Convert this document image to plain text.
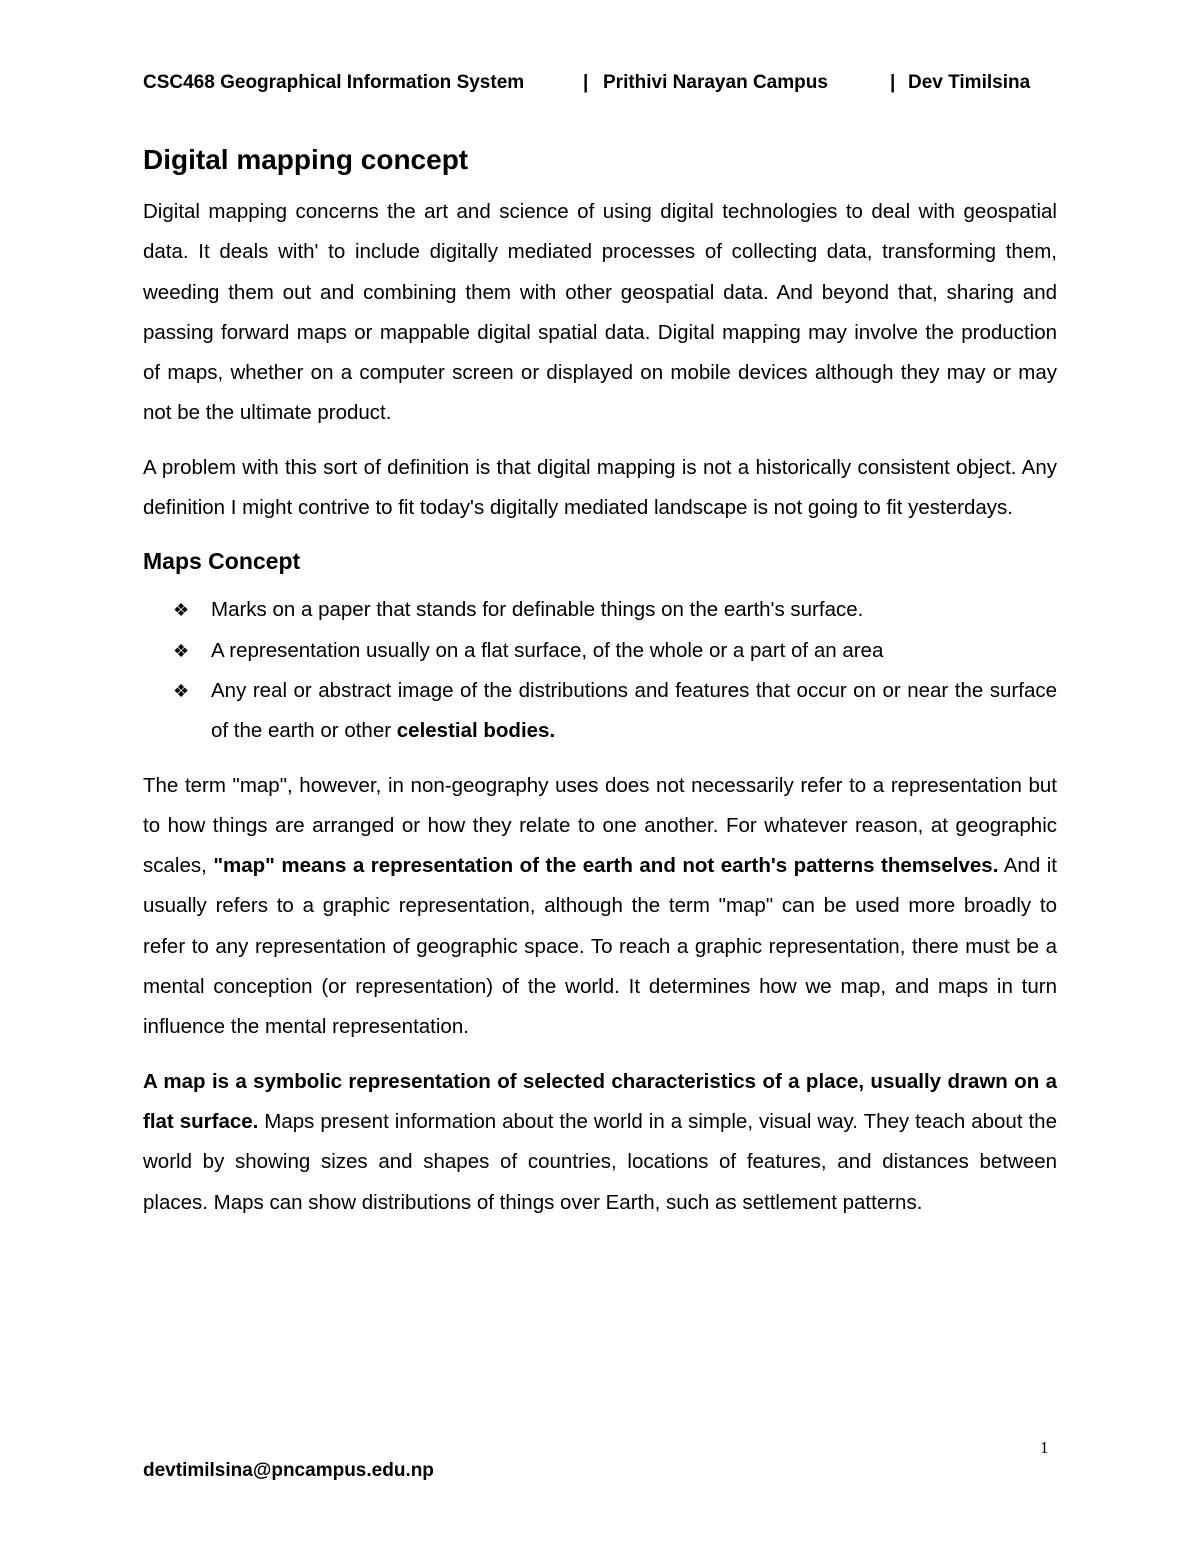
CSC468 Geographical Information System	| Prithivi Narayan Campus	| Dev Timilsina
Digital mapping concept

Digital mapping concerns the art and science of using digital technologies to deal with geospatial data. It deals with' to include digitally mediated processes of collecting data, transforming them, weeding them out and combining them with other geospatial data. And beyond that, sharing and passing forward maps or mappable digital spatial data. Digital mapping may involve the production of maps, whether on a computer screen or displayed on mobile devices although they may or may not be the ultimate product.

A problem with this sort of definition is that digital mapping is not a historically consistent object. Any definition I might contrive to fit today's digitally mediated landscape is not going to fit yesterdays.

Maps Concept
❖ Marks on a paper that stands for definable things on the earth's surface.
❖ A representation usually on a flat surface, of the whole or a part of an area
❖ Any real or abstract image of the distributions and features that occur on or near the surface of the earth or other celestial bodies.

The term "map", however, in non-geography uses does not necessarily refer to a representation but to how things are arranged or how they relate to one another. For whatever reason, at geographic scales, "map" means a representation of the earth and not earth's patterns themselves. And it usually refers to a graphic representation, although the term "map" can be used more broadly to refer to any representation of geographic space. To reach a graphic representation, there must be a mental conception (or representation) of the world. It determines how we map, and maps in turn influence the mental representation.

A map is a symbolic representation of selected characteristics of a place, usually drawn on a flat surface. Maps present information about the world in a simple, visual way. They teach about the world by showing sizes and shapes of countries, locations of features, and distances between places. Maps can show distributions of things over Earth, such as settlement patterns.

1
devtimilsina@pncampus.edu.np
